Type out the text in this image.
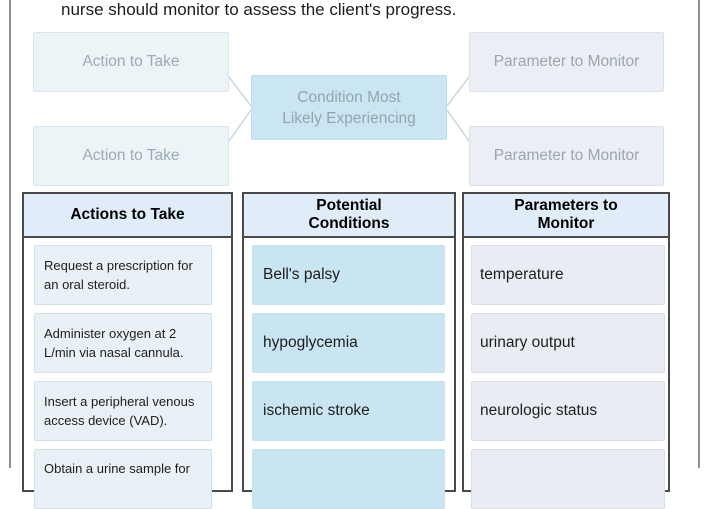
nurse should monitor to assess the client's progress.
Action to Take
Action to Take
Condition Most Likely Experiencing
Parameter to Monitor
Parameter to Monitor
Actions to Take
Request a prescription for an oral steroid.
Administer oxygen at 2 L/min via nasal cannula.
Insert a peripheral venous access device (VAD).
Obtain a urine sample for
Potential Conditions
Bell's palsy
hypoglycemia
ischemic stroke
Parameters to Monitor
temperature
urinary output
neurologic status
